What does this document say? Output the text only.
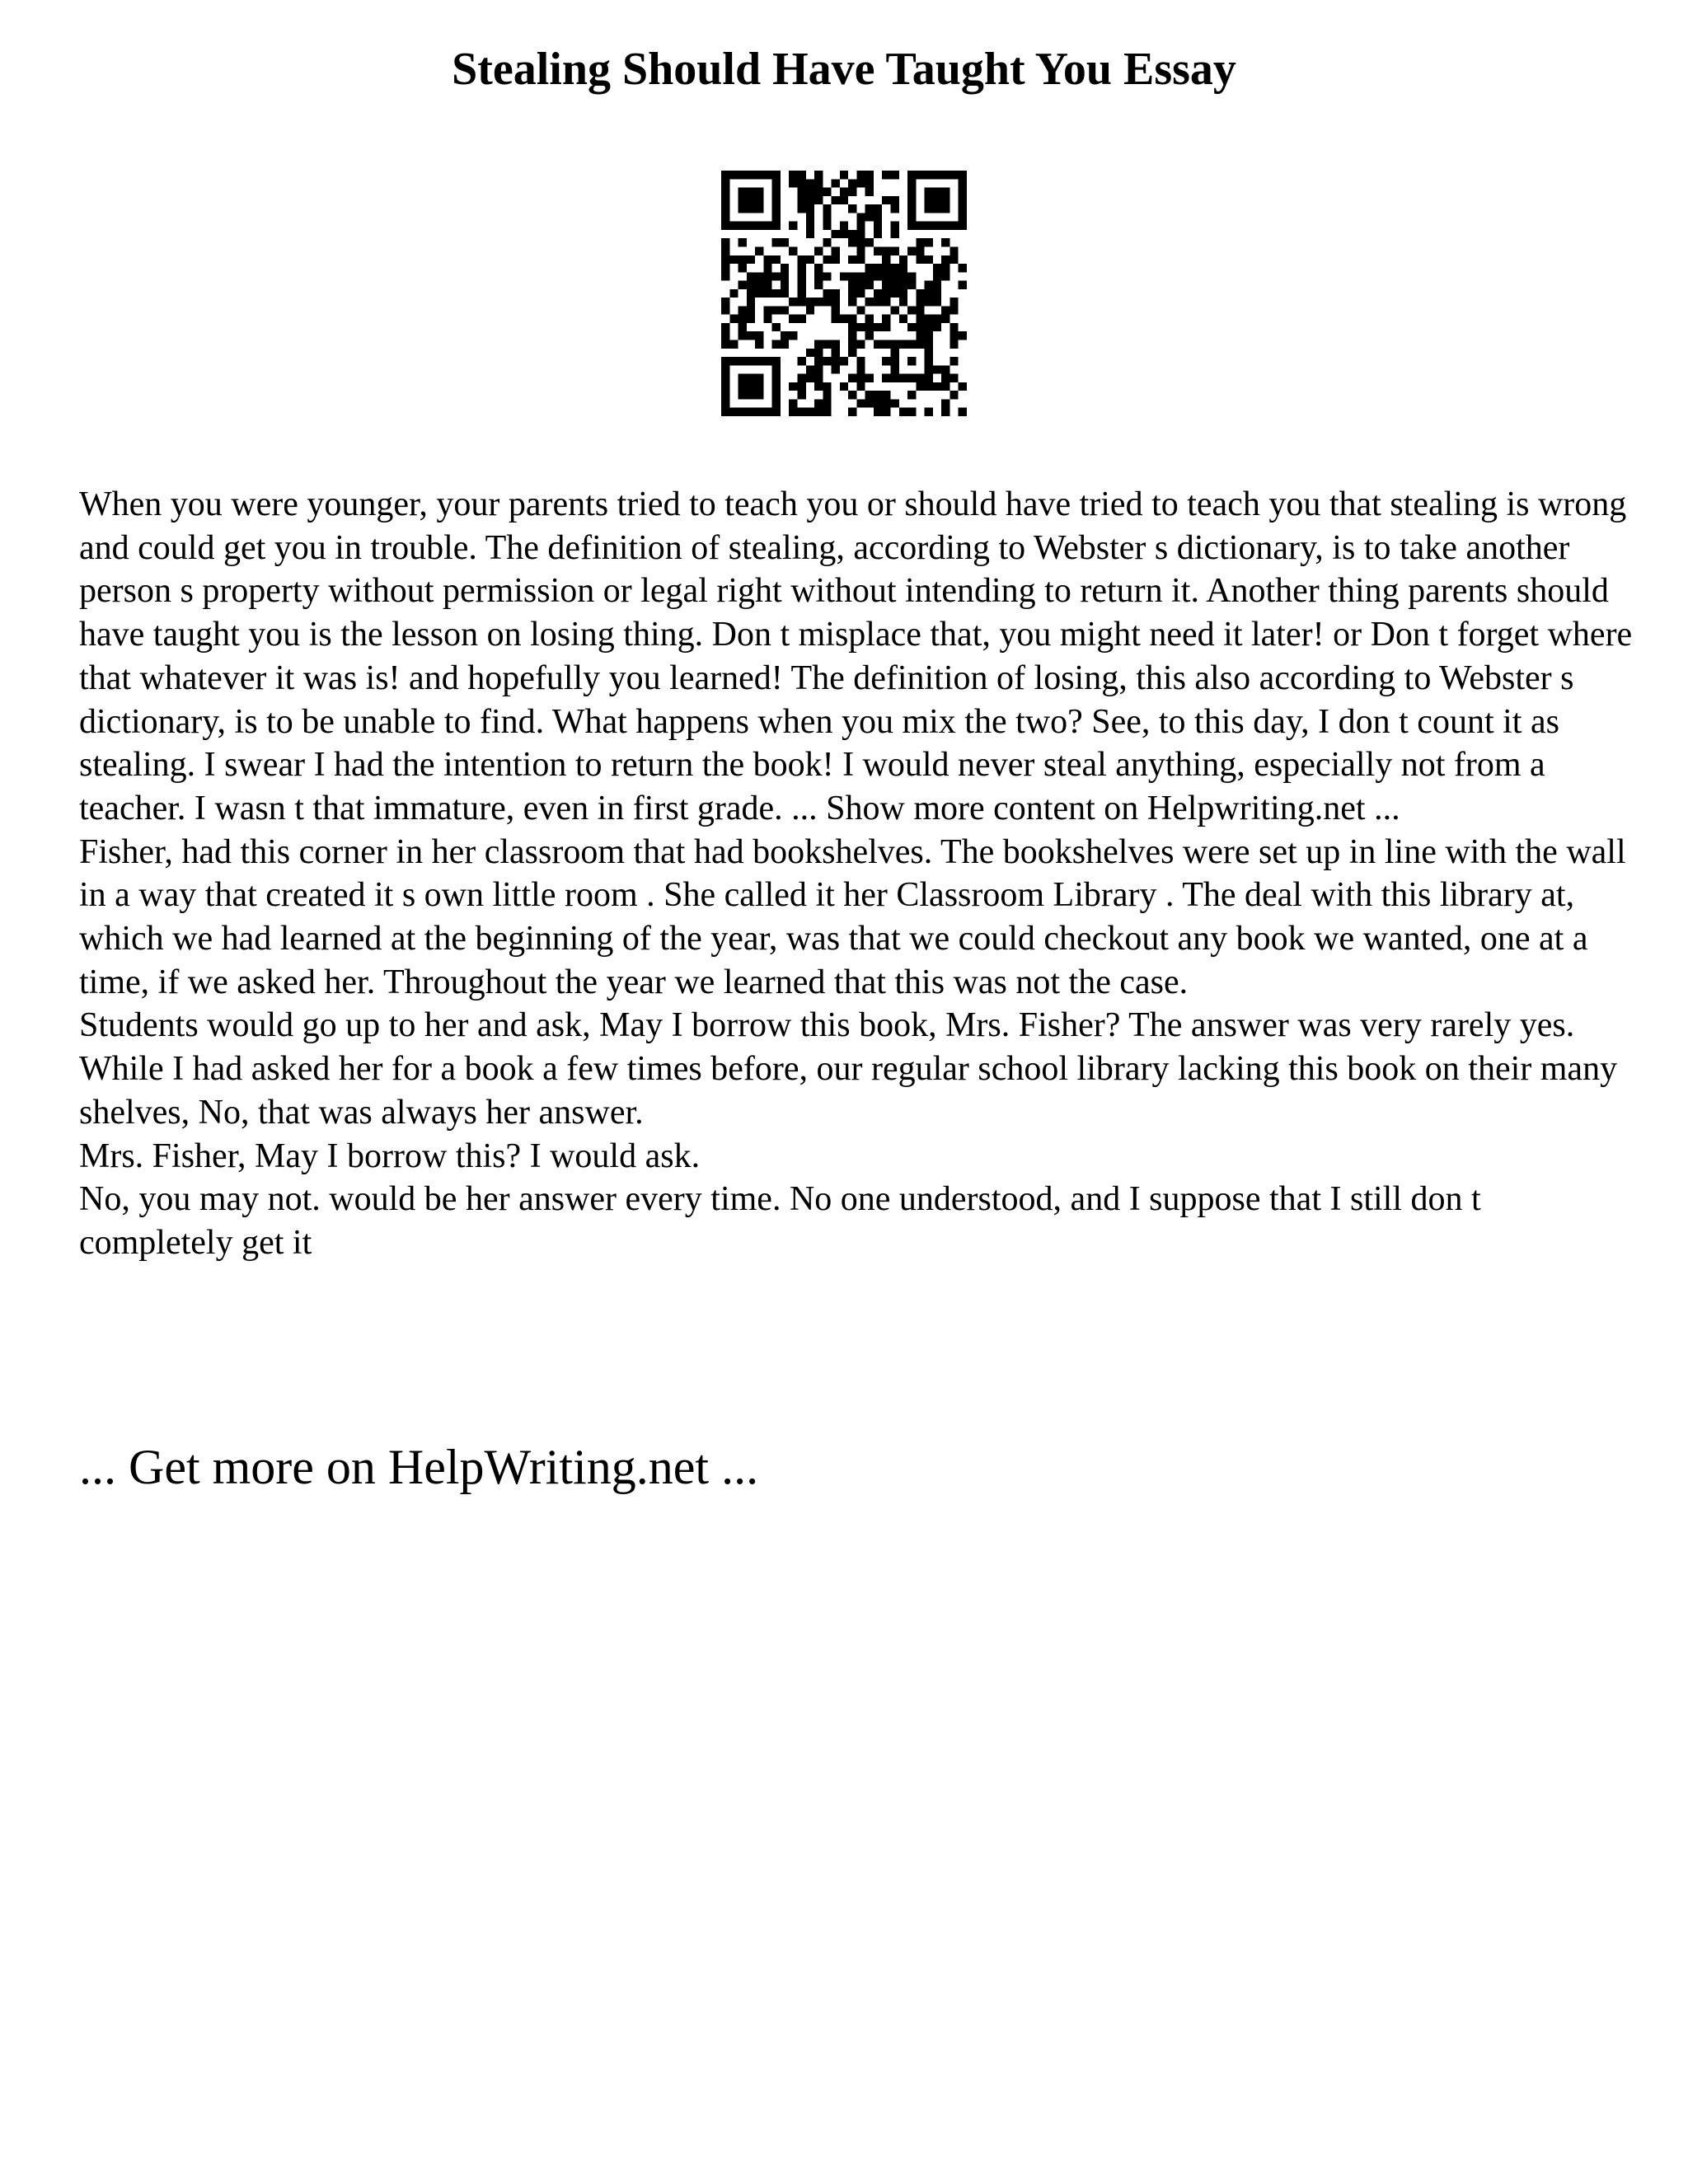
Stealing Should Have Taught You Essay

When you were younger, your parents tried to teach you or should have tried to teach you that stealing is wrong and could get you in trouble. The definition of stealing, according to Webster s dictionary, is to take another person s property without permission or legal right without intending to return it. Another thing parents should have taught you is the lesson on losing thing. Don t misplace that, you might need it later! or Don t forget where that whatever it was is! and hopefully you learned! The definition of losing, this also according to Webster s dictionary, is to be unable to find. What happens when you mix the two? See, to this day, I don t count it as stealing. I swear I had the intention to return the book! I would never steal anything, especially not from a teacher. I wasn t that immature, even in first grade. ... Show more content on Helpwriting.net ...

Fisher, had this corner in her classroom that had bookshelves. The bookshelves were set up in line with the wall in a way that created it s own little room . She called it her Classroom Library . The deal with this library at, which we had learned at the beginning of the year, was that we could checkout any book we wanted, one at a time, if we asked her. Throughout the year we learned that this was not the case.

Students would go up to her and ask, May I borrow this book, Mrs. Fisher? The answer was very rarely yes.

While I had asked her for a book a few times before, our regular school library lacking this book on their many shelves, No, that was always her answer.

Mrs. Fisher, May I borrow this? I would ask.

No, you may not. would be her answer every time. No one understood, and I suppose that I still don t completely get it

... Get more on HelpWriting.net ...
